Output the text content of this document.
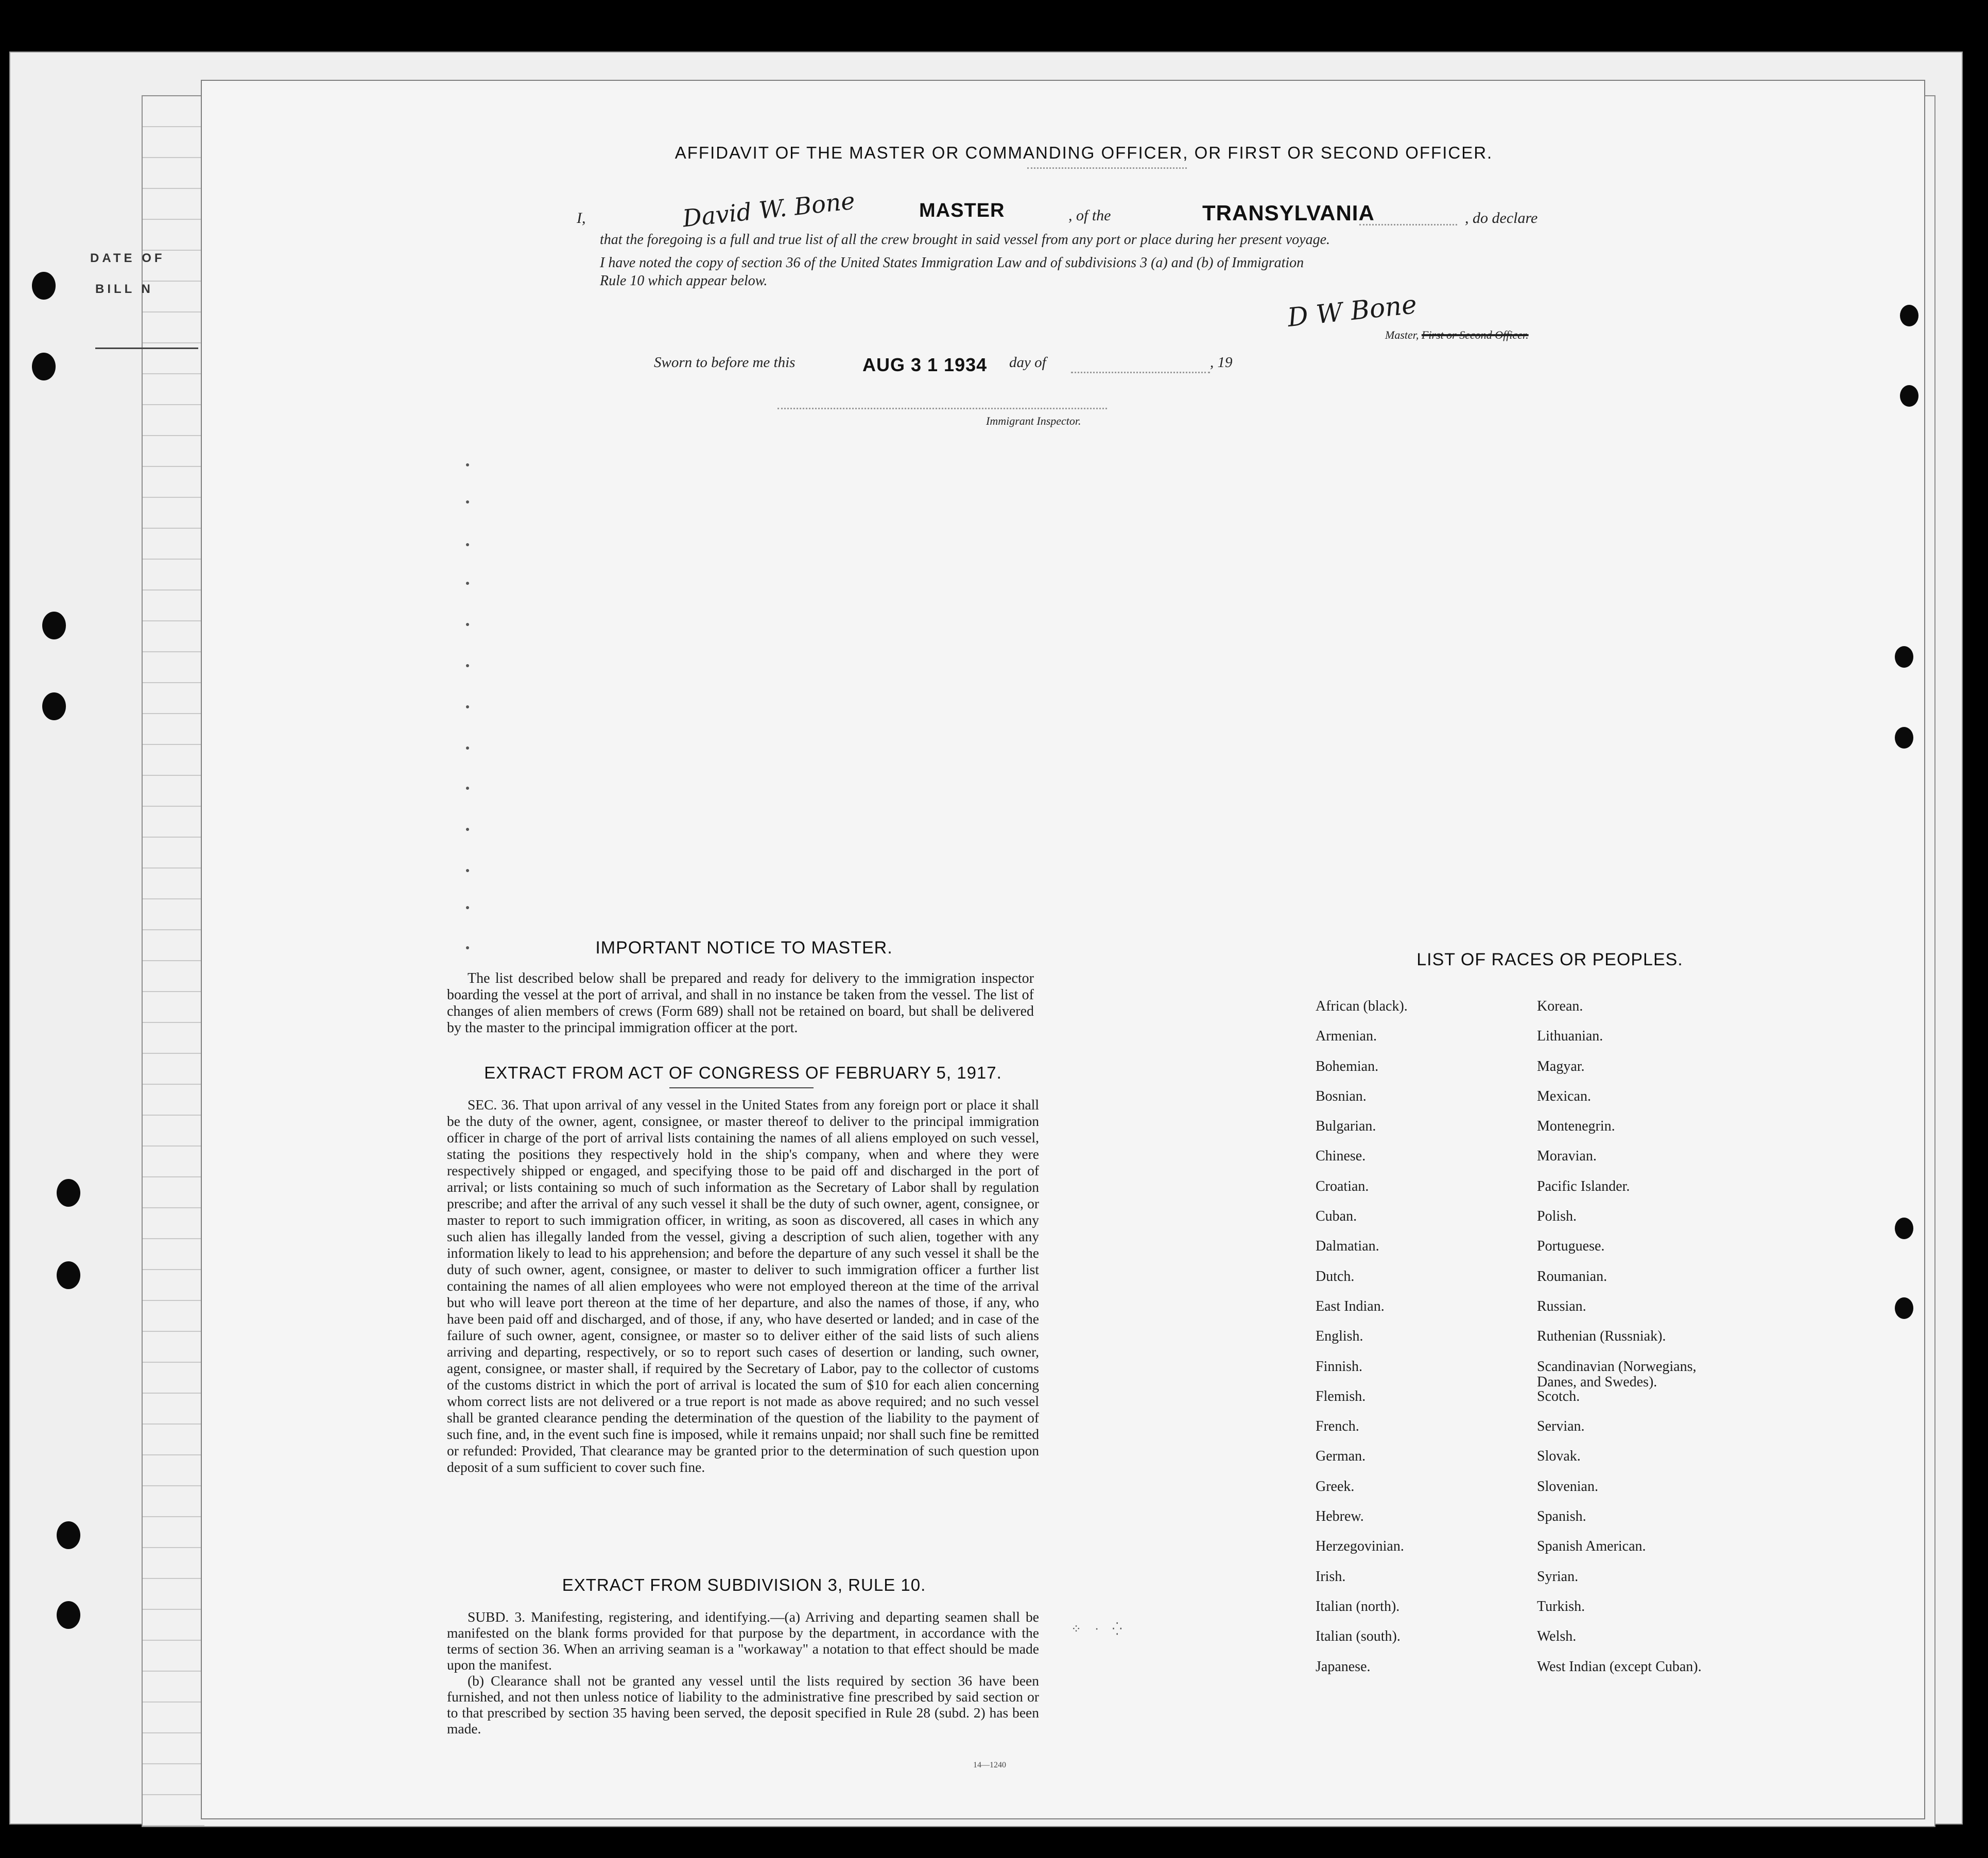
DATE OF
BILL N
AFFIDAVIT OF THE MASTER OR COMMANDING OFFICER, OR FIRST OR SECOND OFFICER.
I,	David W. Bone	MASTER	, of the	TRANSYLVANIA	, do declare
that the foregoing is a full and true list of all the crew brought in said vessel from any port or place during her present voyage.
I have noted the copy of section 36 of the United States Immigration Law and of subdivisions 3 (a) and (b) of Immigration
Rule 10 which appear below.
D W Bone
Master, First or Second Officer.
Sworn to before me this	AUG 3 1 1934 day of	, 19
Immigrant Inspector.
IMPORTANT NOTICE TO MASTER.

The list described below shall be prepared and ready for delivery to the immigration inspector boarding the vessel at the port of arrival, and shall in no instance be taken from the vessel. The list of changes of alien members of crews (Form 689) shall not be retained on board, but shall be delivered by the master to the principal immigration officer at the port.

EXTRACT FROM ACT OF CONGRESS OF FEBRUARY 5, 1917.

SEC. 36. That upon arrival of any vessel in the United States from any foreign port or place it shall be the duty of the owner, agent, consignee, or master thereof to deliver to the principal immigration officer in charge of the port of arrival lists containing the names of all aliens employed on such vessel, stating the positions they respectively hold in the ship's company, when and where they were respectively shipped or engaged, and specifying those to be paid off and discharged in the port of arrival; or lists containing so much of such information as the Secretary of Labor shall by regulation prescribe; and after the arrival of any such vessel it shall be the duty of such owner, agent, consignee, or master to report to such immigration officer, in writing, as soon as discovered, all cases in which any such alien has illegally landed from the vessel, giving a description of such alien, together with any information likely to lead to his apprehension; and before the departure of any such vessel it shall be the duty of such owner, agent, consignee, or master to deliver to such immigration officer a further list containing the names of all alien employees who were not employed thereon at the time of the arrival but who will leave port thereon at the time of her departure, and also the names of those, if any, who have been paid off and discharged, and of those, if any, who have deserted or landed; and in case of the failure of such owner, agent, consignee, or master so to deliver either of the said lists of such aliens arriving and departing, respectively, or so to report such cases of desertion or landing, such owner, agent, consignee, or master shall, if required by the Secretary of Labor, pay to the collector of customs of the customs district in which the port of arrival is located the sum of $10 for each alien concerning whom correct lists are not delivered or a true report is not made as above required; and no such vessel shall be granted clearance pending the determination of the question of the liability to the payment of such fine, and, in the event such fine is imposed, while it remains unpaid; nor shall such fine be remitted or refunded: Provided, That clearance may be granted prior to the determination of such question upon deposit of a sum sufficient to cover such fine.

EXTRACT FROM SUBDIVISION 3, RULE 10.

SUBD. 3. Manifesting, registering, and identifying.—(a) Arriving and departing seamen shall be manifested on the blank forms provided for that purpose by the department, in accordance with the terms of section 36. When an arriving seaman is a "workaway" a notation to that effect should be made upon the manifest.

(b) Clearance shall not be granted any vessel until the lists required by section 36 have been furnished, and not then unless notice of liability to the administrative fine prescribed by said section or to that prescribed by section 35 having been served, the deposit specified in Rule 28 (subd. 2) has been made.

14—1240
LIST OF RACES OR PEOPLES.
African (black).
Armenian.
Bohemian.
Bosnian.
Bulgarian.
Chinese.
Croatian.
Cuban.
Dalmatian.
Dutch.
East Indian.
English.
Finnish.
Flemish.
French.
German.
Greek.
Hebrew.
Herzegovinian.
Irish.
Italian (north).
Italian (south).
Japanese.
Korean.
Lithuanian.
Magyar.
Mexican.
Montenegrin.
Moravian.
Pacific Islander.
Polish.
Portuguese.
Roumanian.
Russian.
Ruthenian (Russniak).
Scandinavian (Norwegians,
Danes, and Swedes).
Scotch.
Servian.
Slovak.
Slovenian.
Spanish.
Spanish American.
Syrian.
Turkish.
Welsh.
West Indian (except Cuban).
⁘ · ⁛
